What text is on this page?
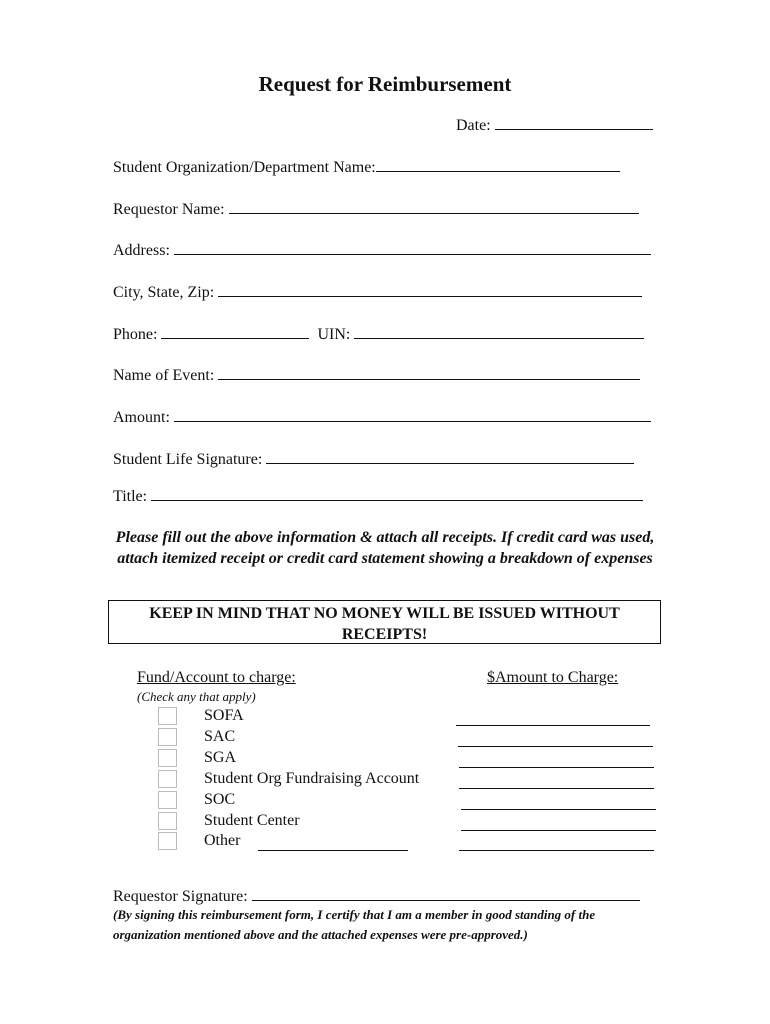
Request for Reimbursement
Date:
Student Organization/Department Name:
Requestor Name:
Address:
City, State, Zip:
Phone:	UIN:
Name of Event:
Amount:
Student Life Signature:
Title:
Please fill out the above information & attach all receipts. If credit card was used, attach itemized receipt or credit card statement showing a breakdown of expenses
KEEP IN MIND THAT NO MONEY WILL BE ISSUED WITHOUT RECEIPTS!
Fund/Account to charge:	$Amount to Charge:
(Check any that apply)
SOFA
SAC
SGA
Student Org Fundraising Account
SOC
Student Center
Other
Requestor Signature:
(By signing this reimbursement form, I certify that I am a member in good standing of the organization mentioned above and the attached expenses were pre-approved.)
